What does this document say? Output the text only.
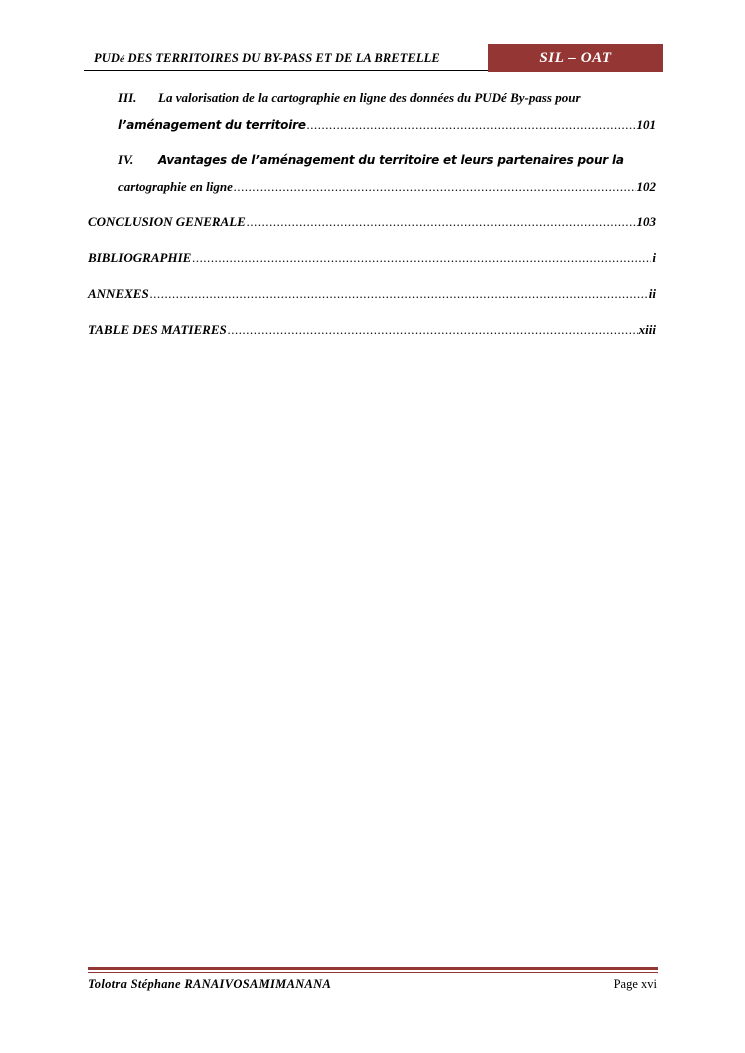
PUDé DES TERRITOIRES DU BY-PASS ET DE LA BRETELLE	SIL – OAT
III.	La valorisation de la cartographie en ligne des données du PUDé By-pass pour
l’aménagement du territoire .....	101
IV.	Avantages de l’aménagement du territoire et leurs partenaires pour la
cartographie en ligne .....	102
CONCLUSION GENERALE .....	103
BIBLIOGRAPHIE .....	i
ANNEXES .....	ii
TABLE DES MATIERES .....	xiii
Tolotra Stéphane RANAIVOSAMIMANANA	Page xvi
